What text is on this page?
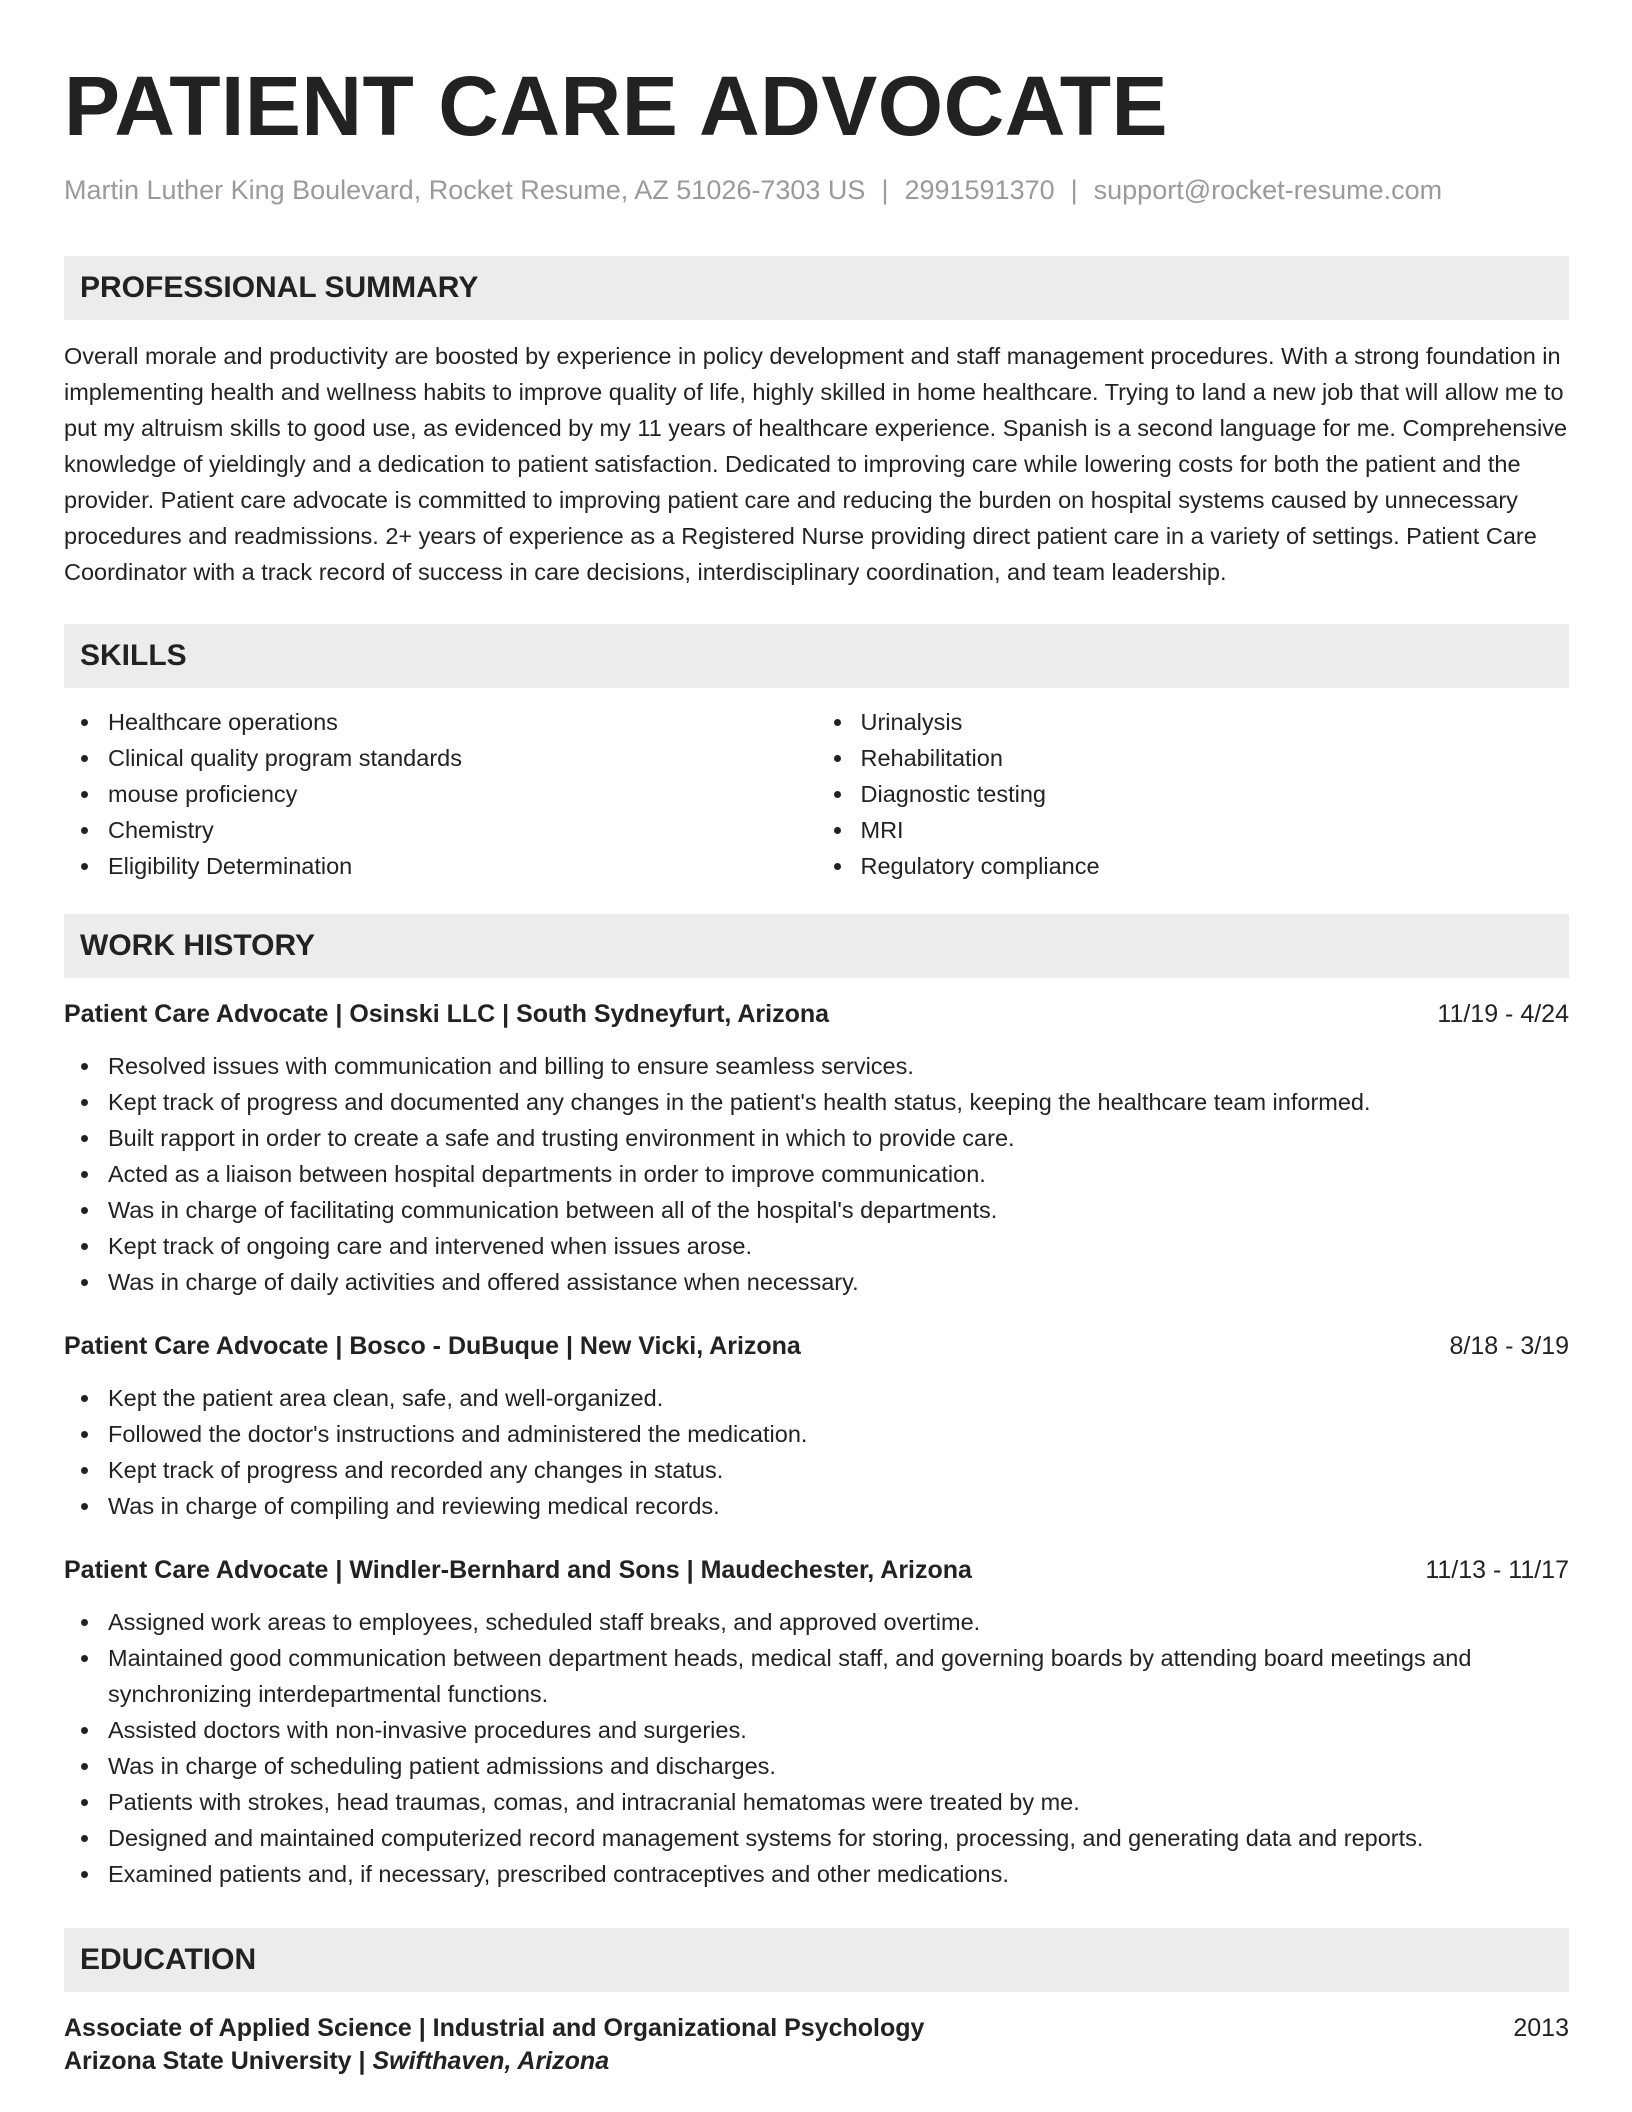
PATIENT CARE ADVOCATE
Martin Luther King Boulevard, Rocket Resume, AZ 51026-7303 US | 2991591370 | support@rocket-resume.com
PROFESSIONAL SUMMARY
Overall morale and productivity are boosted by experience in policy development and staff management procedures. With a strong foundation in implementing health and wellness habits to improve quality of life, highly skilled in home healthcare. Trying to land a new job that will allow me to put my altruism skills to good use, as evidenced by my 11 years of healthcare experience. Spanish is a second language for me. Comprehensive knowledge of yieldingly and a dedication to patient satisfaction. Dedicated to improving care while lowering costs for both the patient and the provider. Patient care advocate is committed to improving patient care and reducing the burden on hospital systems caused by unnecessary procedures and readmissions. 2+ years of experience as a Registered Nurse providing direct patient care in a variety of settings. Patient Care Coordinator with a track record of success in care decisions, interdisciplinary coordination, and team leadership.
SKILLS
Healthcare operations
Clinical quality program standards
mouse proficiency
Chemistry
Eligibility Determination
Urinalysis
Rehabilitation
Diagnostic testing
MRI
Regulatory compliance
WORK HISTORY
Patient Care Advocate | Osinski LLC | South Sydneyfurt, Arizona	11/19 - 4/24
Resolved issues with communication and billing to ensure seamless services.
Kept track of progress and documented any changes in the patient's health status, keeping the healthcare team informed.
Built rapport in order to create a safe and trusting environment in which to provide care.
Acted as a liaison between hospital departments in order to improve communication.
Was in charge of facilitating communication between all of the hospital's departments.
Kept track of ongoing care and intervened when issues arose.
Was in charge of daily activities and offered assistance when necessary.
Patient Care Advocate | Bosco - DuBuque | New Vicki, Arizona	8/18 - 3/19
Kept the patient area clean, safe, and well-organized.
Followed the doctor's instructions and administered the medication.
Kept track of progress and recorded any changes in status.
Was in charge of compiling and reviewing medical records.
Patient Care Advocate | Windler-Bernhard and Sons | Maudechester, Arizona	11/13 - 11/17
Assigned work areas to employees, scheduled staff breaks, and approved overtime.
Maintained good communication between department heads, medical staff, and governing boards by attending board meetings and synchronizing interdepartmental functions.
Assisted doctors with non-invasive procedures and surgeries.
Was in charge of scheduling patient admissions and discharges.
Patients with strokes, head traumas, comas, and intracranial hematomas were treated by me.
Designed and maintained computerized record management systems for storing, processing, and generating data and reports.
Examined patients and, if necessary, prescribed contraceptives and other medications.
EDUCATION
Associate of Applied Science | Industrial and Organizational Psychology	2013
Arizona State University | Swifthaven, Arizona
